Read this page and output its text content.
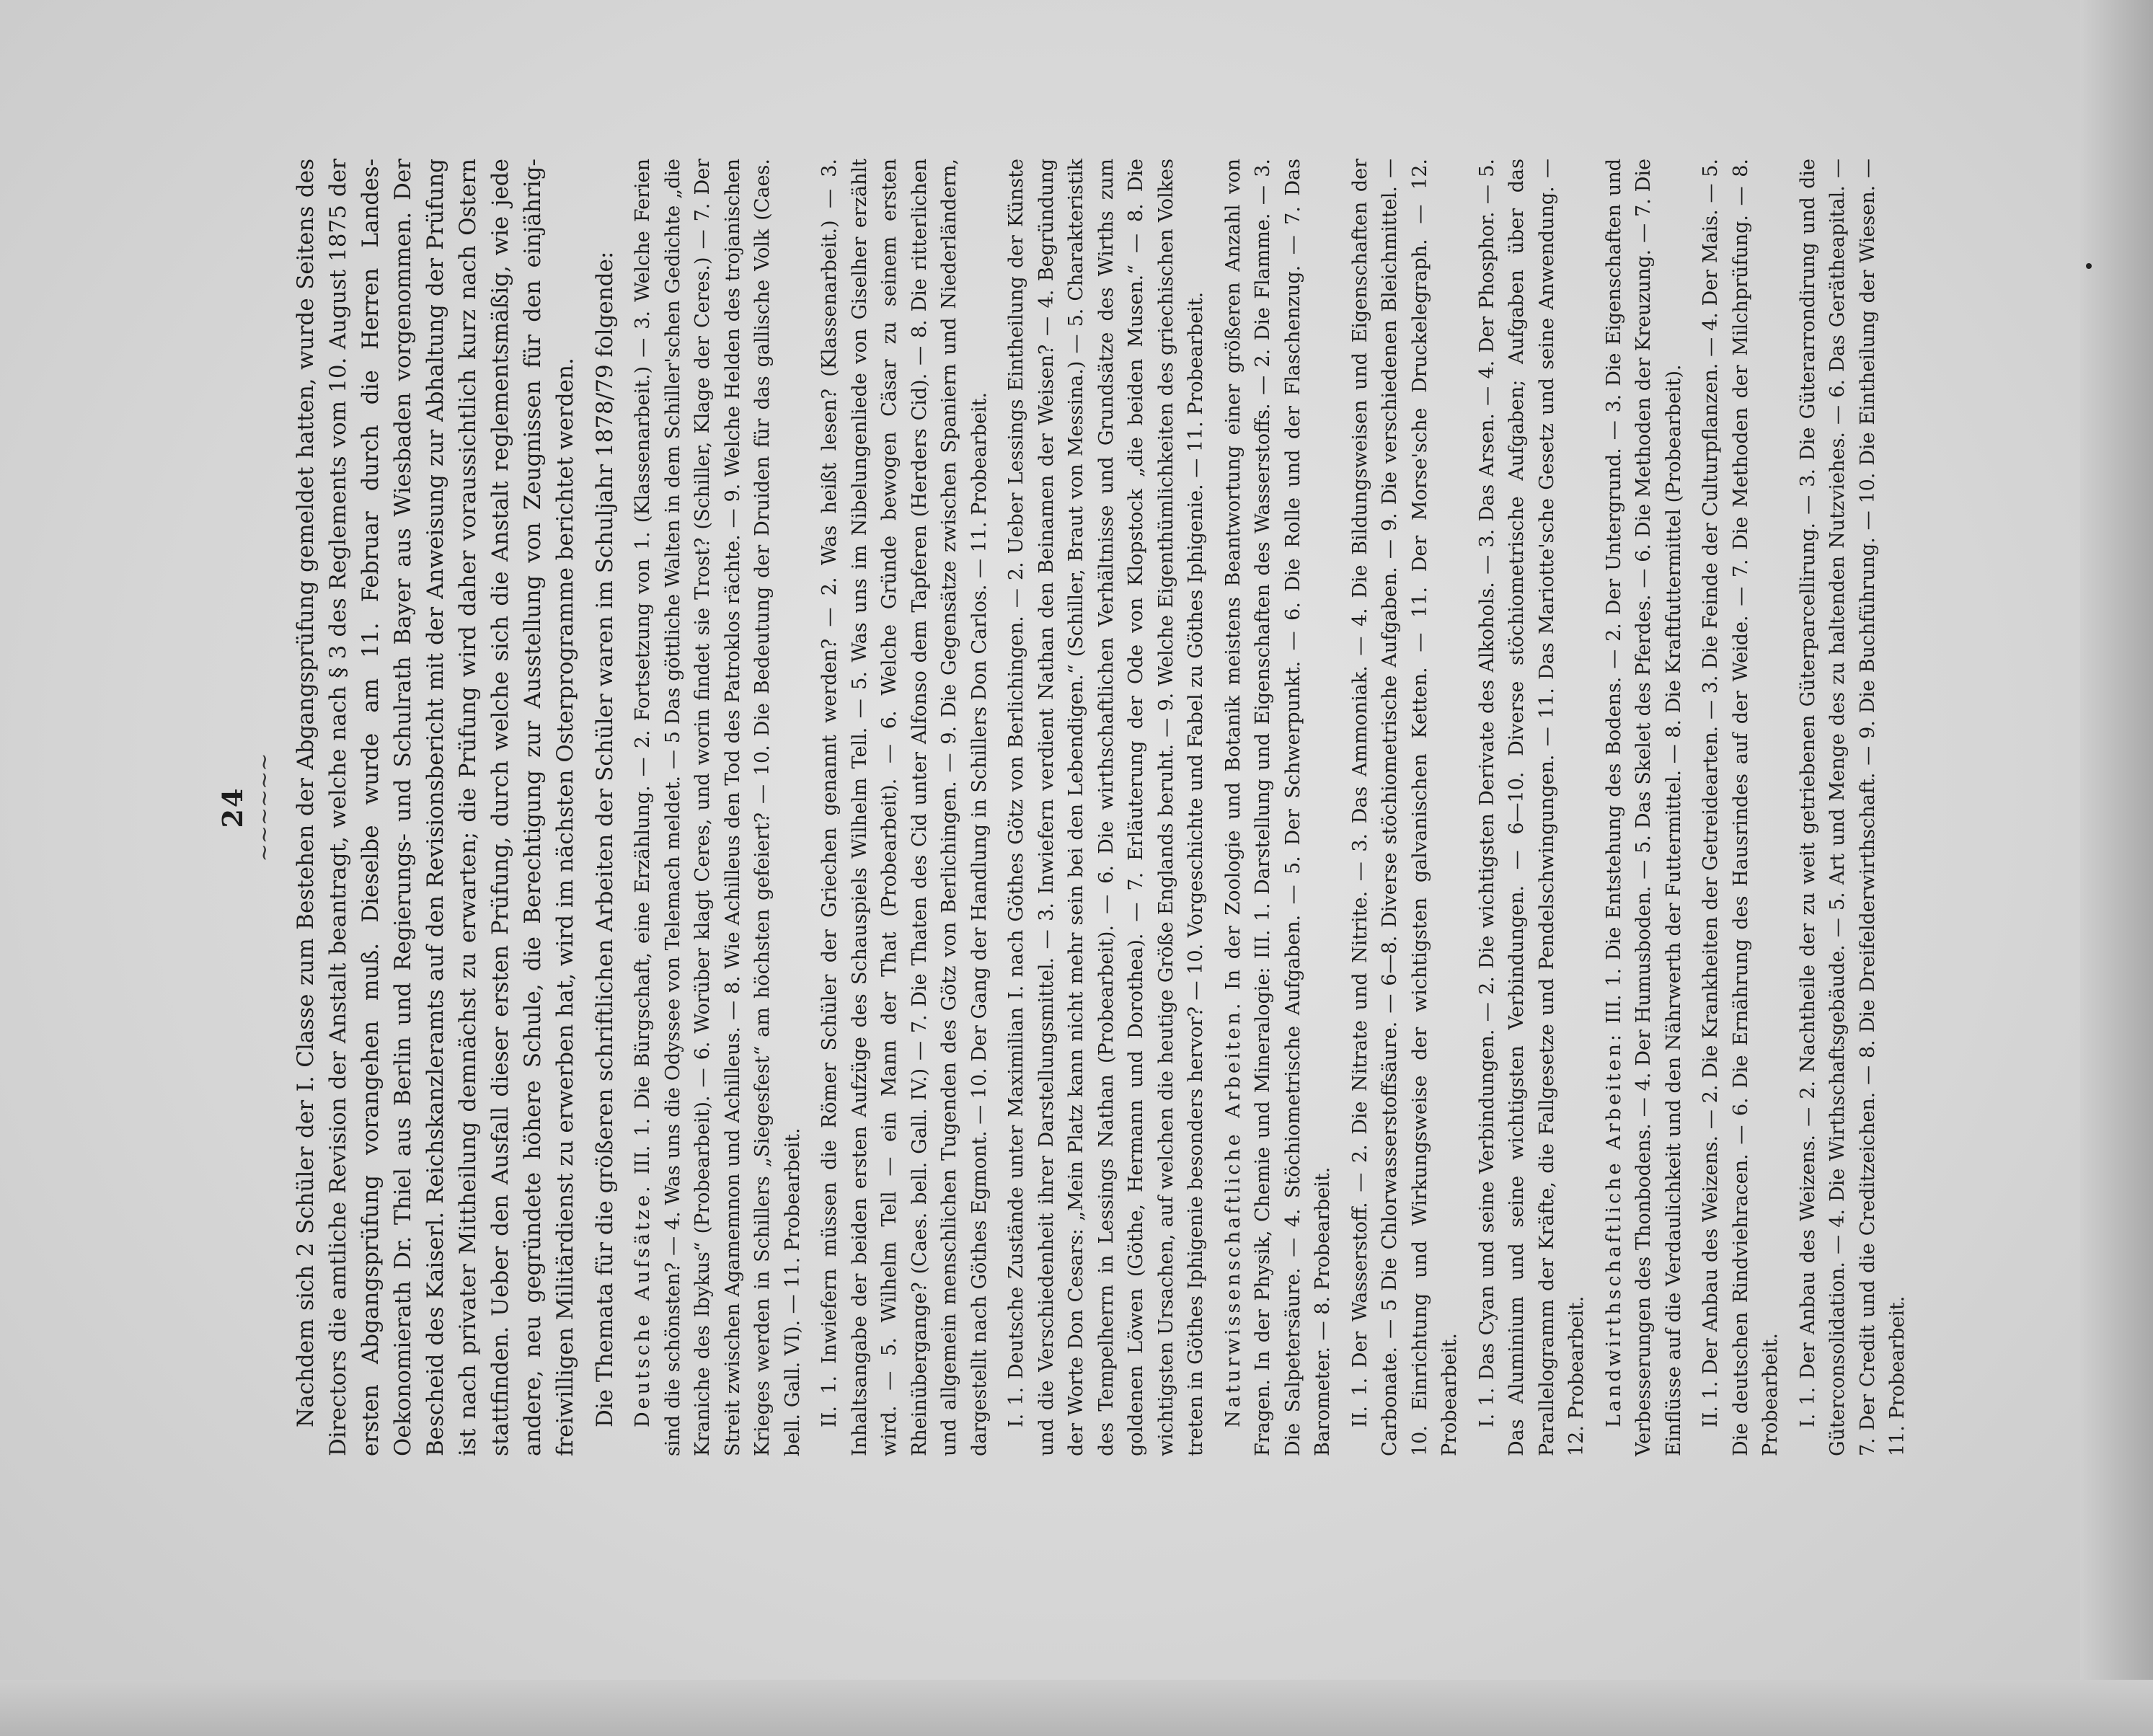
24 ~~~~~~ Nachdem sich 2 Schüler der I. Classe zum Bestehen der Abgangsprüfung gemeldet hatten, wurde Seitens des Directors die amtliche Revision der Anstalt beantragt, welche nach § 3 des Reglements vom 10. August 1875 der ersten Abgangsprüfung vorangehen muß. Dieselbe wurde am 11. Februar durch die Herren Landes-Oekonomierath Dr. Thiel aus Berlin und Regierungs- und Schulrath Bayer aus Wiesbaden vorgenommen. Der Bescheid des Kaiserl. Reichskanzleramts auf den Revisionsbericht mit der Anweisung zur Abhaltung der Prüfung ist nach privater Mittheilung demnächst zu erwarten; die Prüfung wird daher voraussichtlich kurz nach Ostern stattfinden. Ueber den Ausfall dieser ersten Prüfung, durch welche sich die Anstalt reglementsmäßig, wie jede andere, neu gegründete höhere Schule, die Berechtigung zur Ausstellung von Zeugnissen für den einjährig-freiwilligen Militärdienst zu erwerben hat, wird im nächsten Osterprogramme berichtet werden. Die Themata für die größeren schriftlichen Arbeiten der Schüler waren im Schuljahr 1878/79 folgende: Deutsche Aufsätze. III. 1. Die Bürgschaft, eine Erzählung. — 2. Fortsetzung von 1. (Klassenarbeit.) — 3. Welche Ferien sind die schönsten? — 4. Was uns die Odyssee von Telemach meldet. — 5 Das göttliche Walten in dem Schiller'schen Gedichte „die Kraniche des Ibykus“ (Probearbeit). — 6. Worüber klagt Ceres, und worin findet sie Trost? (Schiller, Klage der Ceres.) — 7. Der Streit zwischen Agamemnon und Achilleus. — 8. Wie Achilleus den Tod des Patroklos rächte. — 9. Welche Helden des trojanischen Krieges werden in Schillers „Siegesfest“ am höchsten gefeiert? — 10. Die Bedeutung der Druiden für das gallische Volk (Caes. bell. Gall. VI). — 11. Probearbeit. II. 1. Inwiefern müssen die Römer Schüler der Griechen genannt werden? — 2. Was heißt lesen? (Klassenarbeit.) — 3. Inhaltsangabe der beiden ersten Aufzüge des Schauspiels Wilhelm Tell. — 5. Was uns im Nibelungenliede von Giselher erzählt wird. — 5. Wilhelm Tell — ein Mann der That (Probearbeit). — 6. Welche Gründe bewogen Cäsar zu seinem ersten Rheinübergange? (Caes. bell. Gall. IV.) — 7. Die Thaten des Cid unter Alfonso dem Tapferen (Herders Cid). — 8. Die ritterlichen und allgemein menschlichen Tugenden des Götz von Berlichingen. — 9. Die Gegensätze zwischen Spaniern und Niederländern, dargestellt nach Göthes Egmont. — 10. Der Gang der Handlung in Schillers Don Carlos. — 11. Probearbeit. I. 1. Deutsche Zustände unter Maximilian I. nach Göthes Götz von Berlichingen. — 2. Ueber Lessings Eintheilung der Künste und die Verschiedenheit ihrer Darstellungsmittel. — 3. Inwiefern verdient Nathan den Beinamen der Weisen? — 4. Begründung der Worte Don Cesars: „Mein Platz kann nicht mehr sein bei den Lebendigen.“ (Schiller, Braut von Messina.) — 5. Charakteristik des Tempelherrn in Lessings Nathan (Probearbeit). — 6. Die wirthschaftlichen Verhältnisse und Grundsätze des Wirths zum goldenen Löwen (Göthe, Hermann und Dorothea). — 7. Erläuterung der Ode von Klopstock „die beiden Musen.“ — 8. Die wichtigsten Ursachen, auf welchen die heutige Größe Englands beruht. — 9. Welche Eigenthümlichkeiten des griechischen Volkes treten in Göthes Iphigenie besonders hervor? — 10. Vorgeschichte und Fabel zu Göthes Iphigenie. — 11. Probearbeit. Naturwissenschaftliche Arbeiten. In der Zoologie und Botanik meistens Beantwortung einer größeren Anzahl von Fragen. In der Physik, Chemie und Mineralogie: III. 1. Darstellung und Eigenschaften des Wasserstoffs. — 2. Die Flamme. — 3. Die Salpetersäure. — 4. Stöchiometrische Aufgaben. — 5. Der Schwerpunkt. — 6. Die Rolle und der Flaschenzug. — 7. Das Barometer. — 8. Probearbeit. II. 1. Der Wasserstoff. — 2. Die Nitrate und Nitrite. — 3. Das Ammoniak. — 4. Die Bildungsweisen und Eigenschaften der Carbonate. — 5 Die Chlorwasserstoffsäure. — 6—8. Diverse stöchiometrische Aufgaben. — 9. Die verschiedenen Bleichmittel. — 10. Einrichtung und Wirkungsweise der wichtigsten galvanischen Ketten. — 11. Der Morse'sche Druckelegraph. — 12. Probearbeit. I. 1. Das Cyan und seine Verbindungen. — 2. Die wichtigsten Derivate des Alkohols. — 3. Das Arsen. — 4. Der Phosphor. — 5. Das Aluminium und seine wichtigsten Verbindungen. — 6—10. Diverse stöchiometrische Aufgaben; Aufgaben über das Parallelogramm der Kräfte, die Fallgesetze und Pendelschwingungen. — 11. Das Mariotte'sche Gesetz und seine Anwendung. — 12. Probearbeit. Landwirthschaftliche Arbeiten: III. 1. Die Entstehung des Bodens. — 2. Der Untergrund. — 3. Die Eigenschaften und Verbesserungen des Thonbodens. — 4. Der Humusboden. — 5. Das Skelet des Pferdes. — 6. Die Methoden der Kreuzung. — 7. Die Einflüsse auf die Verdaulichkeit und den Nährwerth der Futtermittel. — 8. Die Kraftfuttermittel (Probearbeit). II. 1. Der Anbau des Weizens. — 2. Die Krankheiten der Getreidearten. — 3. Die Feinde der Culturpflanzen. — 4. Der Mais. — 5. Die deutschen Rindviehracen. — 6. Die Ernährung des Hausrindes auf der Weide. — 7. Die Methoden der Milchprüfung. — 8. Probearbeit. I. 1. Der Anbau des Weizens. — 2. Nachtheile der zu weit getriebenen Güterparcellirung. — 3. Die Güterarrondirung und die Güterconsolidation. — 4. Die Wirthschaftsgebäude. — 5. Art und Menge des zu haltenden Nutzviehes. — 6. Das Gerätheapital. — 7. Der Credit und die Creditzeichen. — 8. Die Dreifelderwirthschaft. — 9. Die Buchführung. — 10. Die Eintheilung der Wiesen. — 11. Probearbeit.
